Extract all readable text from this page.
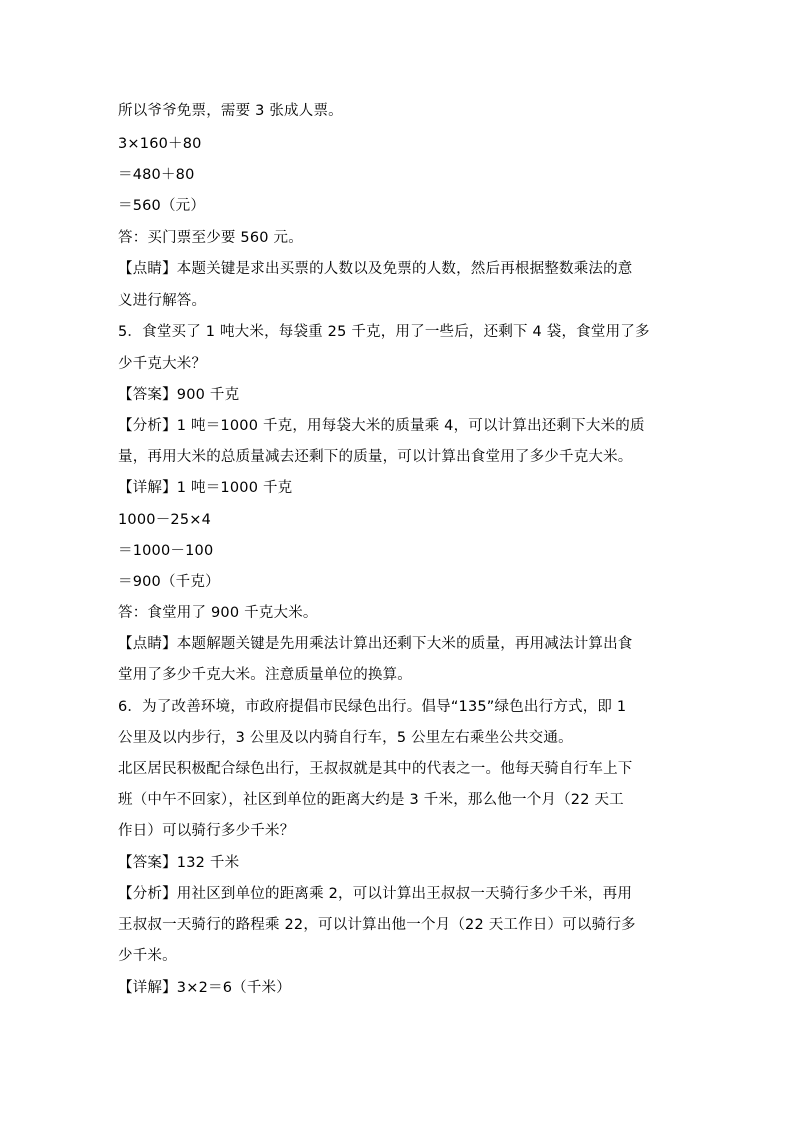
所以爷爷免票，需要 3 张成人票。
3×160＋80
＝480＋80
＝560（元）
答：买门票至少要 560 元。
【点睛】本题关键是求出买票的人数以及免票的人数，然后再根据整数乘法的意
义进行解答。
5．食堂买了 1 吨大米，每袋重 25 千克，用了一些后，还剩下 4 袋，食堂用了多
少千克大米？
【答案】900 千克
【分析】1 吨＝1000 千克，用每袋大米的质量乘 4，可以计算出还剩下大米的质
量，再用大米的总质量减去还剩下的质量，可以计算出食堂用了多少千克大米。
【详解】1 吨＝1000 千克
1000－25×4
＝1000－100
＝900（千克）
答：食堂用了 900 千克大米。
【点睛】本题解题关键是先用乘法计算出还剩下大米的质量，再用减法计算出食
堂用了多少千克大米。注意质量单位的换算。
6．为了改善环境，市政府提倡市民绿色出行。倡导“135”绿色出行方式，即 1
公里及以内步行，3 公里及以内骑自行车，5 公里左右乘坐公共交通。
北区居民积极配合绿色出行，王叔叔就是其中的代表之一。他每天骑自行车上下
班（中午不回家），社区到单位的距离大约是 3 千米，那么他一个月（22 天工
作日）可以骑行多少千米？
【答案】132 千米
【分析】用社区到单位的距离乘 2，可以计算出王叔叔一天骑行多少千米，再用
王叔叔一天骑行的路程乘 22，可以计算出他一个月（22 天工作日）可以骑行多
少千米。
【详解】3×2＝6（千米）
